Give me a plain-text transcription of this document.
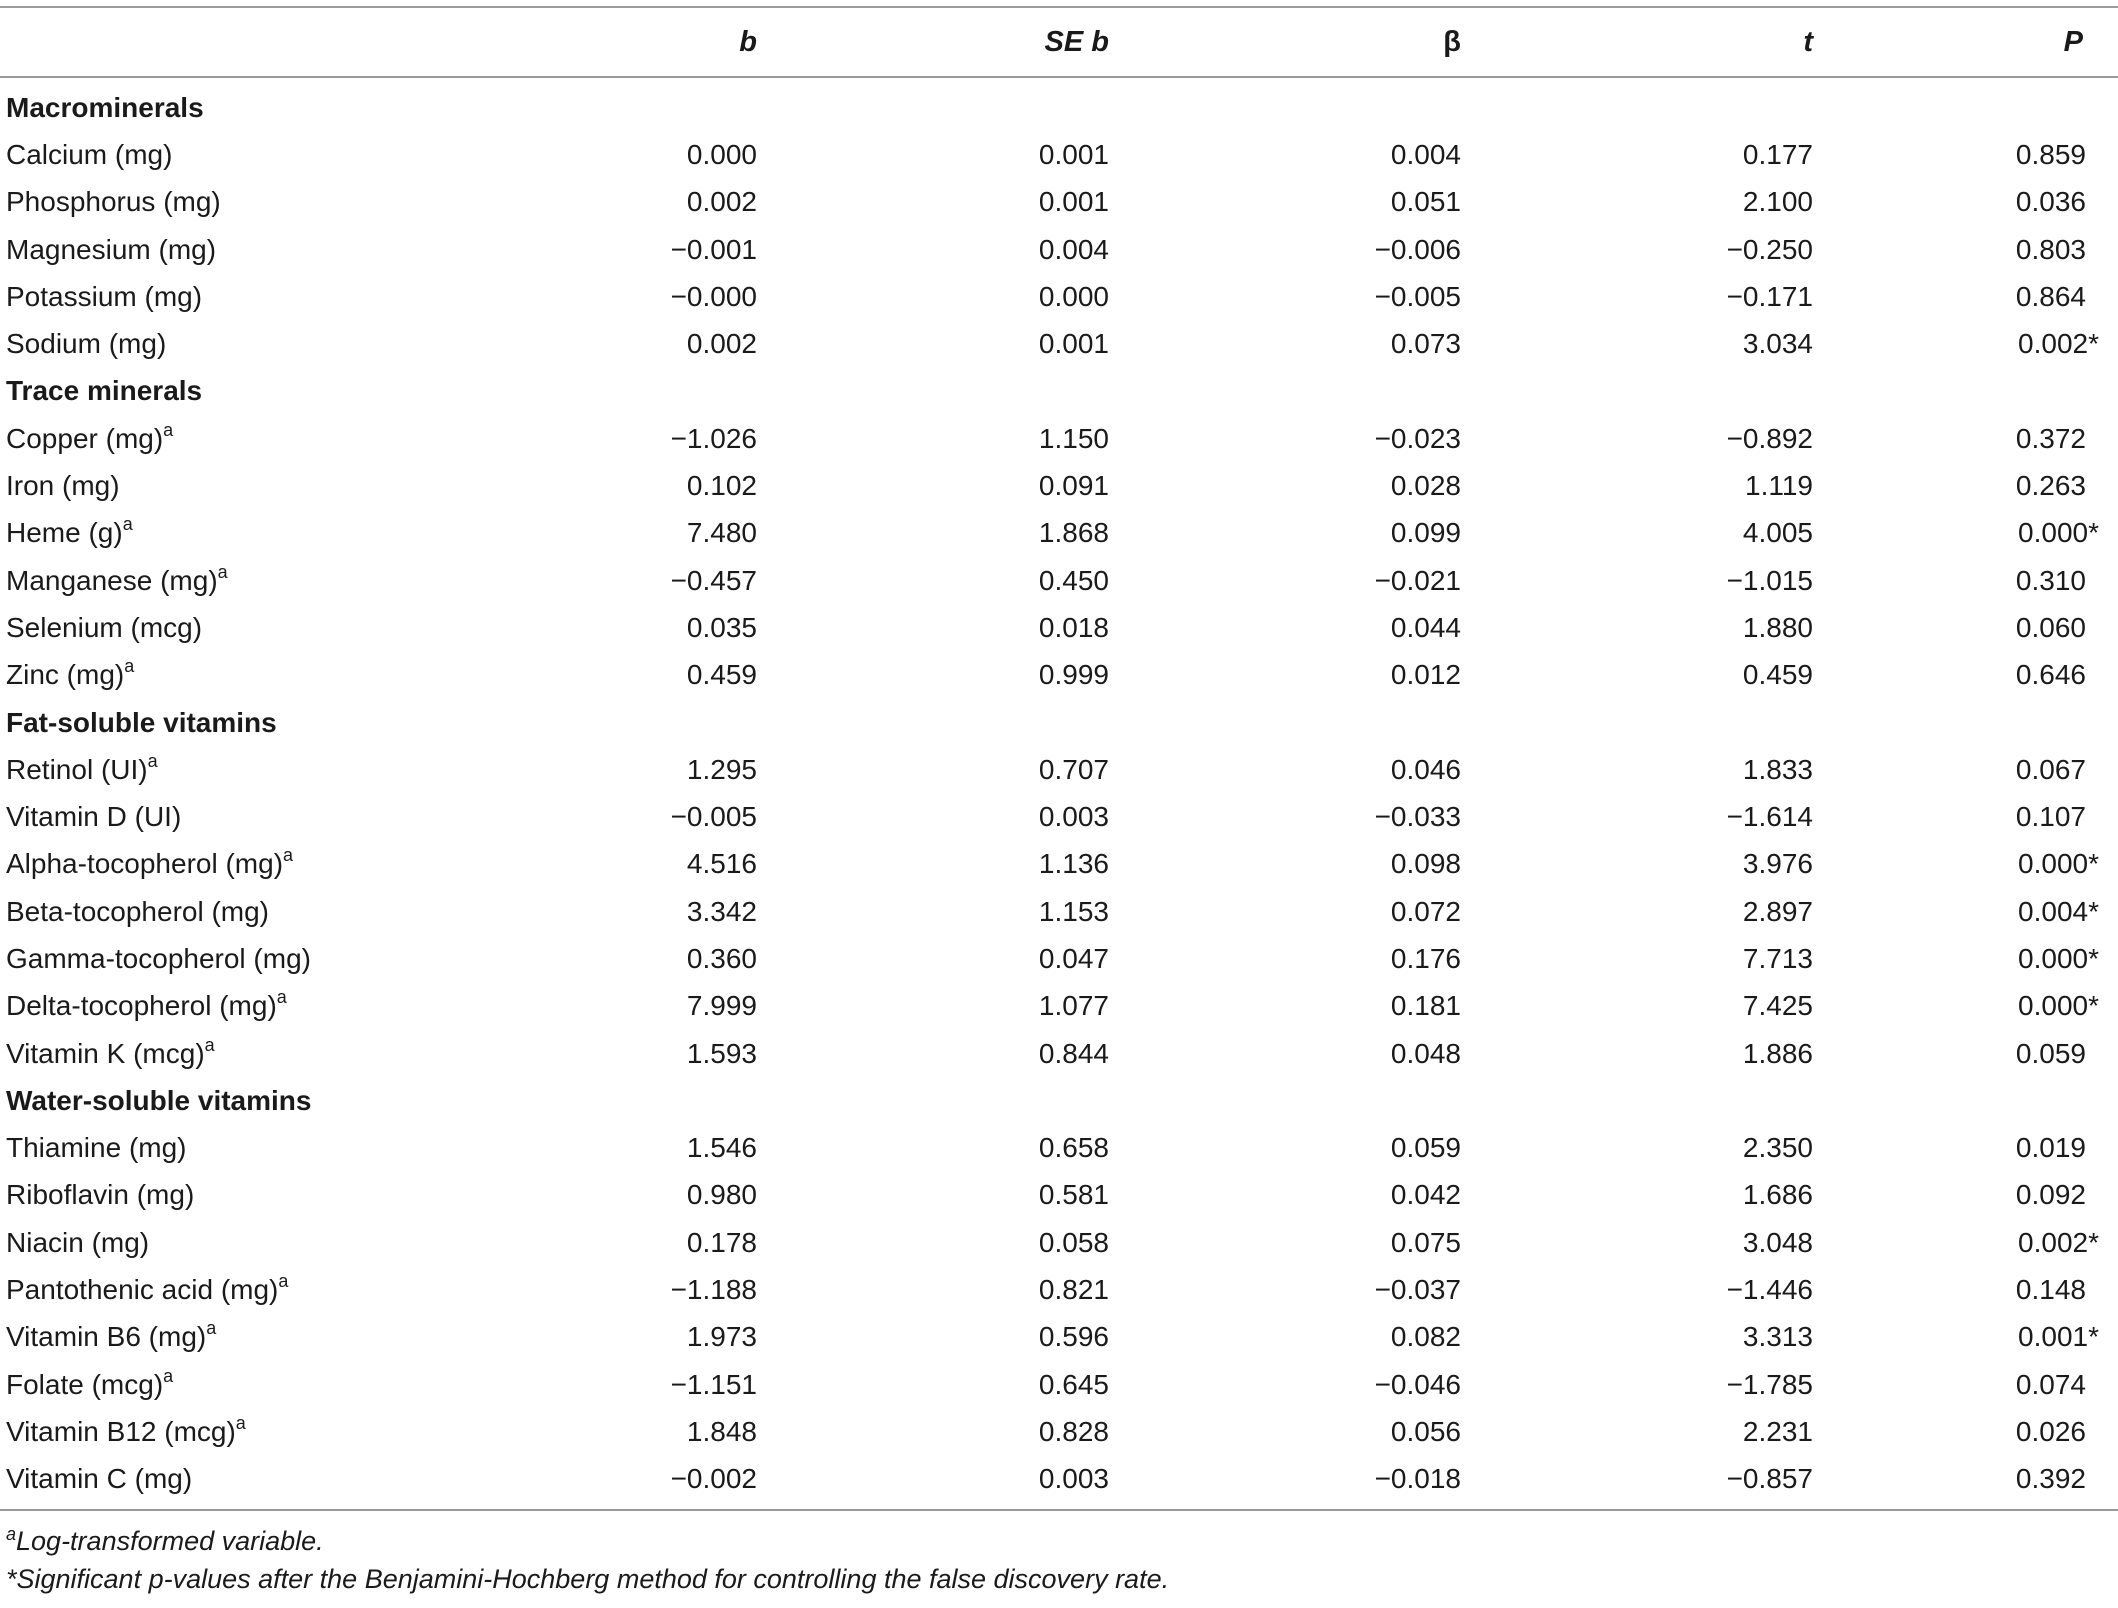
	b	SE b	β	t	P
Macrominerals					
Calcium (mg)	0.000	0.001	0.004	0.177	0.859
Phosphorus (mg)	0.002	0.001	0.051	2.100	0.036
Magnesium (mg)	−0.001	0.004	−0.006	−0.250	0.803
Potassium (mg)	−0.000	0.000	−0.005	−0.171	0.864
Sodium (mg)	0.002	0.001	0.073	3.034	0.002*
Trace minerals					
Copper (mg)$^a$	−1.026	1.150	−0.023	−0.892	0.372
Iron (mg)	0.102	0.091	0.028	1.119	0.263
Heme $(g)^a$	7.480	1.868	0.099	4.005	0.000*
Manganese (mg)$^a$	−0.457	0.450	−0.021	−1.015	0.310
Selenium (mcg)	0.035	0.018	0.044	1.880	0.060
Zinc (mg)$^a$	0.459	0.999	0.012	0.459	0.646
Fat-soluble vitamins					
Retinol (UI)$^a$	1.295	0.707	0.046	1.833	0.067
Vitamin D (UI)	−0.005	0.003	−0.033	−1.614	0.107
Alpha-tocopherol (mg)$^a$	4.516	1.136	0.098	3.976	0.000*
Beta-tocopherol (mg)	3.342	1.153	0.072	2.897	0.004*
Gamma-tocopherol (mg)	0.360	0.047	0.176	7.713	0.000*
Delta-tocopherol (mg)$^a$	7.999	1.077	0.181	7.425	0.000*
Vitamin K (mcg)$^a$	1.593	0.844	0.048	1.886	0.059
Water-soluble vitamins					
Thiamine (mg)	1.546	0.658	0.059	2.350	0.019
Riboflavin (mg)	0.980	0.581	0.042	1.686	0.092
Niacin (mg)	0.178	0.058	0.075	3.048	0.002*
Pantothenic acid (mg)$^a$	−1.188	0.821	−0.037	−1.446	0.148
Vitamin B6 (mg)$^a$	1.973	0.596	0.082	3.313	0.001*
Folate (mcg)$^a$	−1.151	0.645	−0.046	−1.785	0.074
Vitamin B12 (mcg)$^a$	1.848	0.828	0.056	2.231	0.026
Vitamin C (mg)	−0.002	0.003	−0.018	−0.857	0.392
$^a$Log-transformed variable.
*Significant p-values after the Benjamini-Hochberg method for controlling the false discovery rate.
